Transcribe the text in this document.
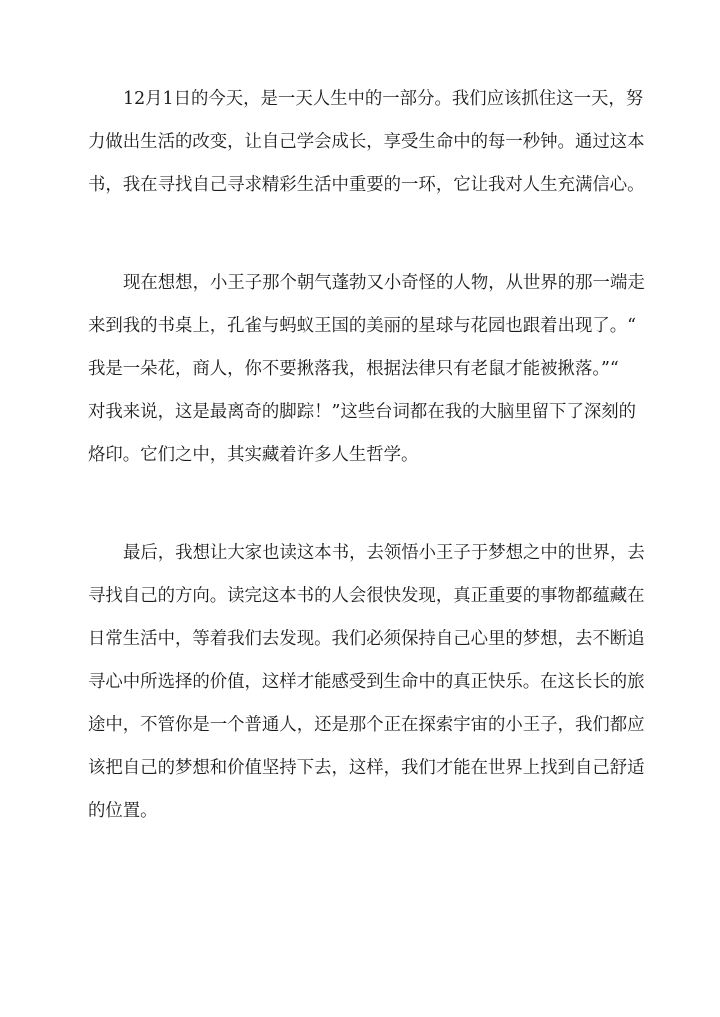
12月1日的今天，是一天人生中的一部分。我们应该抓住这一天，努
力做出生活的改变，让自己学会成长，享受生命中的每一秒钟。通过这本
书，我在寻找自己寻求精彩生活中重要的一环，它让我对人生充满信心。

现在想想，小王子那个朝气蓬勃又小奇怪的人物，从世界的那一端走
来到我的书桌上，孔雀与蚂蚁王国的美丽的星球与花园也跟着出现了。“
我是一朵花，商人，你不要揪落我，根据法律只有老鼠才能被揪落。”“
对我来说，这是最离奇的脚踪！”这些台词都在我的大脑里留下了深刻的
烙印。它们之中，其实藏着许多人生哲学。

最后，我想让大家也读这本书，去领悟小王子于梦想之中的世界，去
寻找自己的方向。读完这本书的人会很快发现，真正重要的事物都蕴藏在
日常生活中，等着我们去发现。我们必须保持自己心里的梦想，去不断追
寻心中所选择的价值，这样才能感受到生命中的真正快乐。在这长长的旅
途中，不管你是一个普通人，还是那个正在探索宇宙的小王子，我们都应
该把自己的梦想和价值坚持下去，这样，我们才能在世界上找到自己舒适
的位置。
